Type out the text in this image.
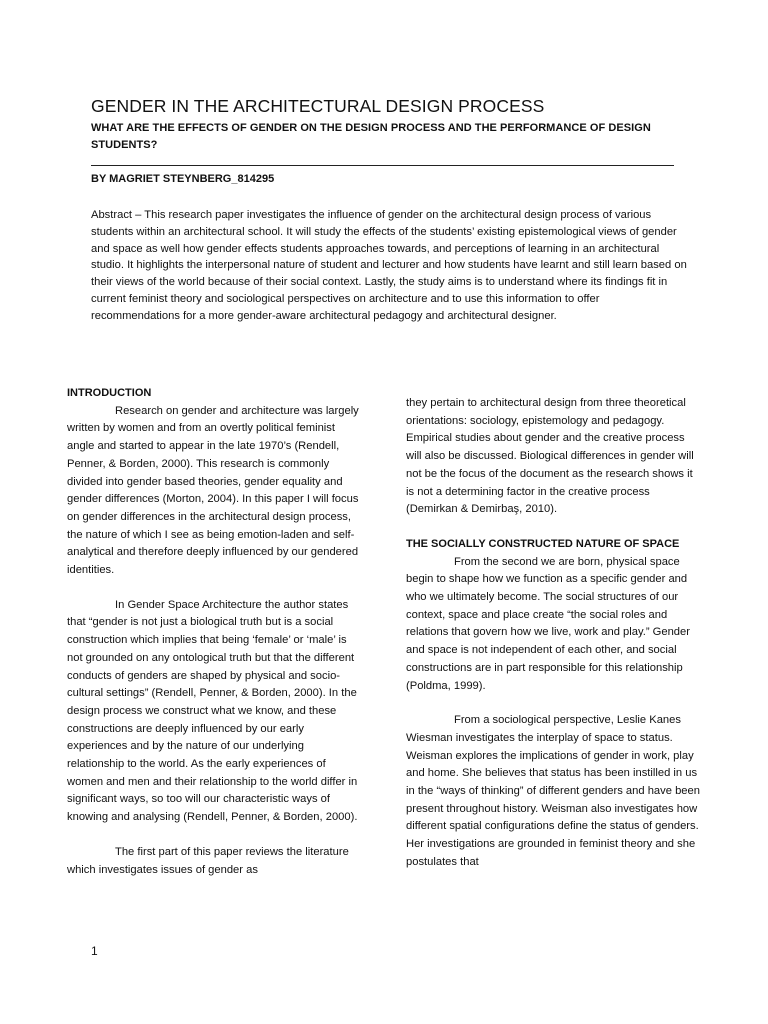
GENDER IN THE ARCHITECTURAL DESIGN PROCESS
WHAT ARE THE EFFECTS OF GENDER ON THE DESIGN PROCESS AND THE PERFORMANCE OF DESIGN STUDENTS?
BY MAGRIET STEYNBERG_814295

Abstract – This research paper investigates the influence of gender on the architectural design process of various students within an architectural school. It will study the effects of the students’ existing epistemological views of gender and space as well how gender effects students approaches towards, and perceptions of learning in an architectural studio. It highlights the interpersonal nature of student and lecturer and how students have learnt and still learn based on their views of the world because of their social context. Lastly, the study aims is to understand where its findings fit in current feminist theory and sociological perspectives on architecture and to use this information to offer recommendations for a more gender-aware architectural pedagogy and architectural designer.

INTRODUCTION

Research on gender and architecture was largely written by women and from an overtly political feminist angle and started to appear in the late 1970’s (Rendell, Penner, & Borden, 2000). This research is commonly divided into gender based theories, gender equality and gender differences (Morton, 2004). In this paper I will focus on gender differences in the architectural design process, the nature of which I see as being emotion-laden and self-analytical and therefore deeply influenced by our gendered identities.

In Gender Space Architecture the author states that “gender is not just a biological truth but is a social construction which implies that being ‘female’ or ‘male’ is not grounded on any ontological truth but that the different conducts of genders are shaped by physical and socio-cultural settings” (Rendell, Penner, & Borden, 2000). In the design process we construct what we know, and these constructions are deeply influenced by our early experiences and by the nature of our underlying relationship to the world. As the early experiences of women and men and their relationship to the world differ in significant ways, so too will our characteristic ways of knowing and analysing (Rendell, Penner, & Borden, 2000).

The first part of this paper reviews the literature which investigates issues of gender as

they pertain to architectural design from three theoretical orientations: sociology, epistemology and pedagogy. Empirical studies about gender and the creative process will also be discussed. Biological differences in gender will not be the focus of the document as the research shows it is not a determining factor in the creative process (Demirkan & Demirbaş, 2010).

THE SOCIALLY CONSTRUCTED NATURE OF SPACE

From the second we are born, physical space begin to shape how we function as a specific gender and who we ultimately become. The social structures of our context, space and place create “the social roles and relations that govern how we live, work and play.” Gender and space is not independent of each other, and social constructions are in part responsible for this relationship (Poldma, 1999).

From a sociological perspective, Leslie Kanes Wiesman investigates the interplay of space to status. Weisman explores the implications of gender in work, play and home. She believes that status has been instilled in us in the “ways of thinking” of different genders and have been present throughout history. Weisman also investigates how different spatial configurations define the status of genders. Her investigations are grounded in feminist theory and she postulates that

1
